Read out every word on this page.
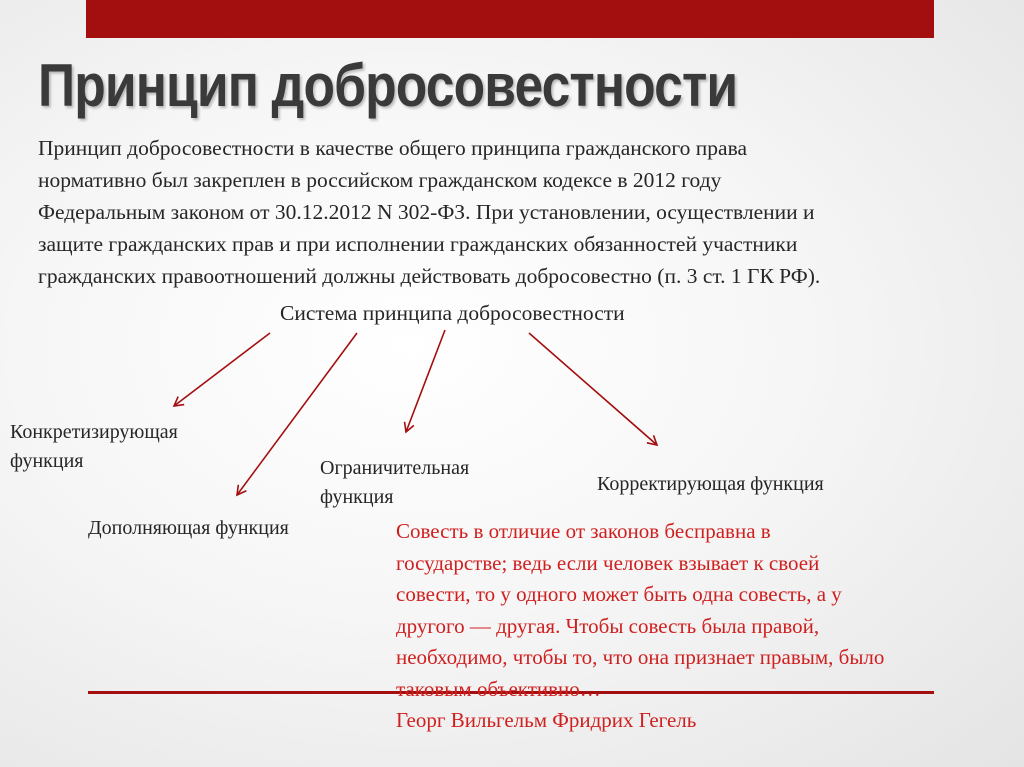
Принцип добросовестности
Принцип добросовестности в качестве общего принципа гражданского права
нормативно был закреплен в российском гражданском кодексе в 2012 году
Федеральным законом от 30.12.2012 N 302-ФЗ. При установлении, осуществлении и
защите гражданских прав и при исполнении гражданских обязанностей участники
гражданских правоотношений должны действовать добросовестно (п. 3 ст. 1 ГК РФ).
Система принципа добросовестности
Конкретизирующая
функция
Дополняющая функция
Ограничительная
функция
Корректирующая функция
Совесть в отличие от законов бесправна в
государстве; ведь если человек взывает к своей
совести, то у одного может быть одна совесть, а у
другого — другая. Чтобы совесть была правой,
необходимо, чтобы то, что она признает правым, было
таковым объективно…
Георг Вильгельм Фридрих Гегель
